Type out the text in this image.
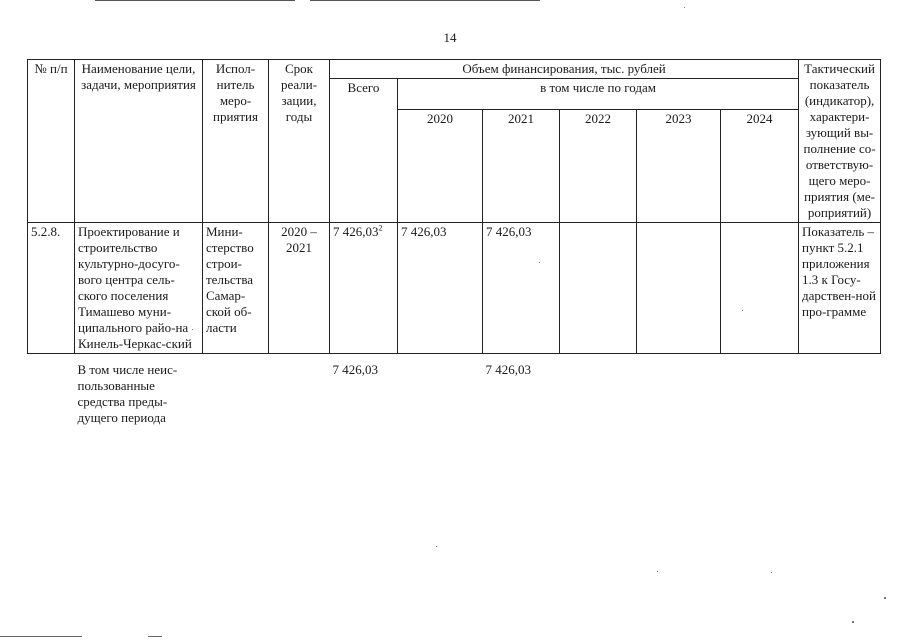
14
№ п/п	Наименование цели, задачи, мероприятия	Испол-нитель меро-приятия	Срок реали-зации, годы	Объем финансирования, тыс. рублей						Тактический показатель (индикатор), характери-зующий вы-полнение со-ответствую-щего меро-приятия (ме-роприятий)
				Всего	в том числе по годам					
					2020	2021	2022	2023	2024	
5.2.8.	Проектирование и строительство культурно-досуго-вого центра сель-ского поселения Тимашево муни-ципального райо-на Кинель-Черкас-ский	Мини-стерство строи-тельства Самар-ской об-ласти	2020 – 2021	7 426,03$^2$	7 426,03	7 426,03				Показатель – пункт 5.2.1 приложения 1.3 к Госу-дарствен-ной про-грамме
	В том числе неис-пользованные средства преды-дущего периода			7 426,03		7 426,03				
